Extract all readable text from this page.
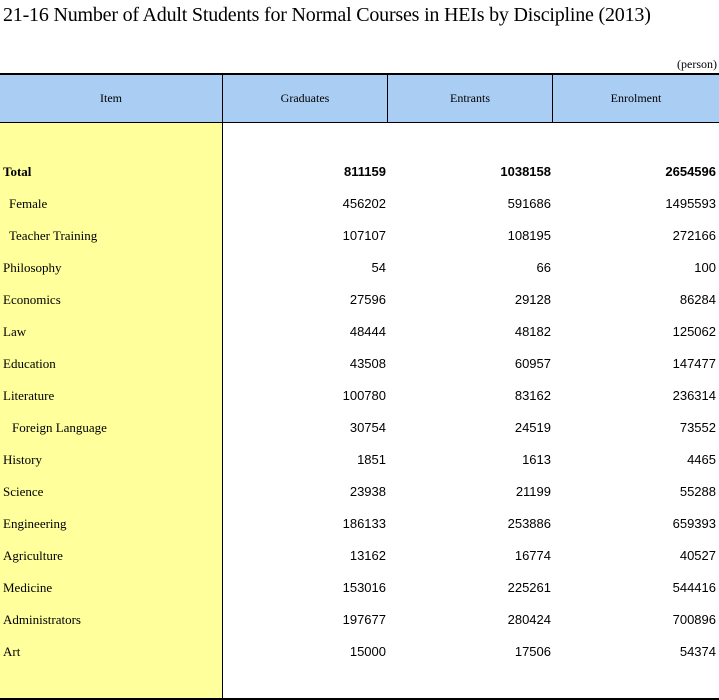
21-16 Number of Adult Students for Normal Courses in HEIs by Discipline (2013)
(person)
Item	Graduates	Entrants	Enrolment
Total	811159	1038158	2654596
Female	456202	591686	1495593
Teacher Training	107107	108195	272166
Philosophy	54	66	100
Economics	27596	29128	86284
Law	48444	48182	125062
Education	43508	60957	147477
Literature	100780	83162	236314
Foreign Language	30754	24519	73552
History	1851	1613	4465
Science	23938	21199	55288
Engineering	186133	253886	659393
Agriculture	13162	16774	40527
Medicine	153016	225261	544416
Administrators	197677	280424	700896
Art	15000	17506	54374
